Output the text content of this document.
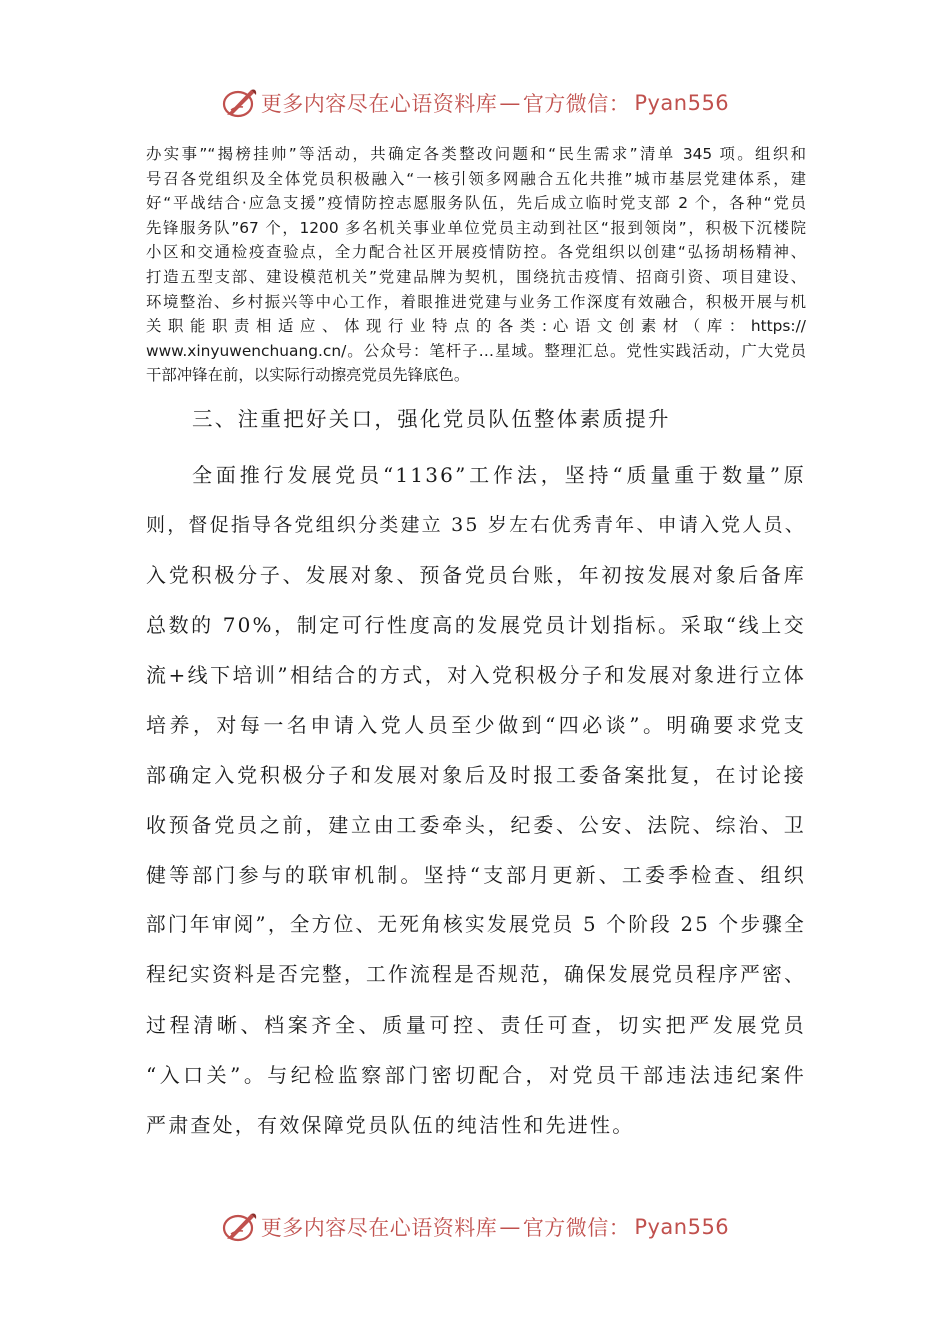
更多内容尽在心语资料库 — 官方微信： Pyan556
办实事”“揭榜挂帅”等活动，共确定各类整改问题和“民生需求”清单 345 项。组织和
号召各党组织及全体党员积极融入“一核引领多网融合五化共推”城市基层党建体系，建
好“平战结合·应急支援”疫情防控志愿服务队伍，先后成立临时党支部 2 个，各种“党员
先锋服务队”67 个，1200 多名机关事业单位党员主动到社区“报到领岗”，积极下沉楼院
小区和交通检疫查验点，全力配合社区开展疫情防控。各党组织以创建“弘扬胡杨精神、
打造五型支部、建设模范机关”党建品牌为契机，围绕抗击疫情、招商引资、项目建设、
环境整治、乡村振兴等中心工作，着眼推进党建与业务工作深度有效融合，积极开展与机
关 职 能 职 责 相 适 应 、 体 现 行 业 特 点 的 各 类 : 心 语 文 创 素 材 （ 库 ： https://
www.xinyuwenchuang.cn/。公众号：笔杆子…星域。整理汇总。党性实践活动，广大党员
干部冲锋在前，以实际行动擦亮党员先锋底色。
三、注重把好关口，强化党员队伍整体素质提升
全面推行发展党员“1136”工作法，坚持“质量重于数量”原
则，督促指导各党组织分类建立 35 岁左右优秀青年、申请入党人员、
入党积极分子、发展对象、预备党员台账，年初按发展对象后备库
总数的 70%，制定可行性度高的发展党员计划指标。采取“线上交
流+线下培训”相结合的方式，对入党积极分子和发展对象进行立体
培养，对每一名申请入党人员至少做到“四必谈”。明确要求党支
部确定入党积极分子和发展对象后及时报工委备案批复，在讨论接
收预备党员之前，建立由工委牵头，纪委、公安、法院、综治、卫
健等部门参与的联审机制。坚持“支部月更新、工委季检查、组织
部门年审阅”，全方位、无死角核实发展党员 5 个阶段 25 个步骤全
程纪实资料是否完整，工作流程是否规范，确保发展党员程序严密、
过程清晰、档案齐全、质量可控、责任可查，切实把严发展党员
“入口关”。与纪检监察部门密切配合，对党员干部违法违纪案件
严肃查处，有效保障党员队伍的纯洁性和先进性。
更多内容尽在心语资料库 — 官方微信： Pyan556
